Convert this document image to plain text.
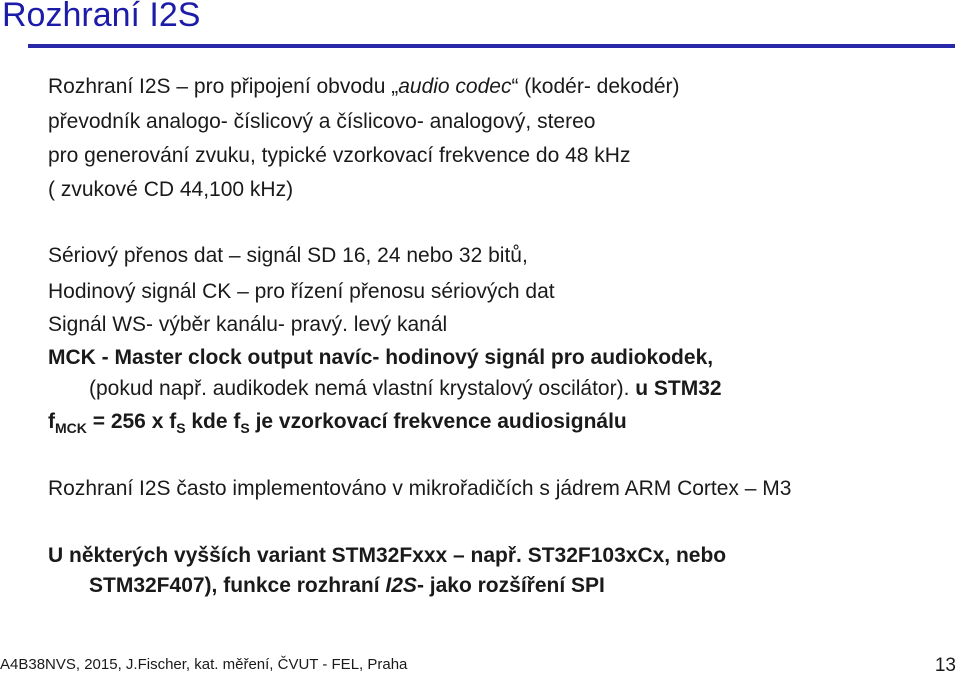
Rozhraní I2S
Rozhraní I2S – pro připojení obvodu „audio codec“ (kodér- dekodér)
převodník analogo- číslicový a číslicovo- analogový, stereo
pro generování zvuku, typické vzorkovací frekvence do 48 kHz
( zvukové CD 44,100 kHz)
Sériový přenos dat – signál SD 16, 24 nebo 32 bitů,
Hodinový signál CK – pro řízení přenosu sériových dat
Signál WS- výběr kanálu- pravý. levý kanál
MCK - Master clock output navíc- hodinový signál pro audiokodek,
(pokud např. audikodek nemá vlastní krystalový oscilátor). u STM32
$f_{MCK} = 256$ x $f_S$ kde $f_S$ je vzorkovací frekvence audiosignálu
Rozhraní I2S často implementováno v mikrořadičích s jádrem ARM Cortex – M3
U některých vyšších variant STM32Fxxx – např. ST32F103xCx, nebo
STM32F407), funkce rozhraní I2S- jako rozšíření SPI
A4B38NVS, 2015, J.Fischer, kat. měření, ČVUT - FEL, Praha	13
